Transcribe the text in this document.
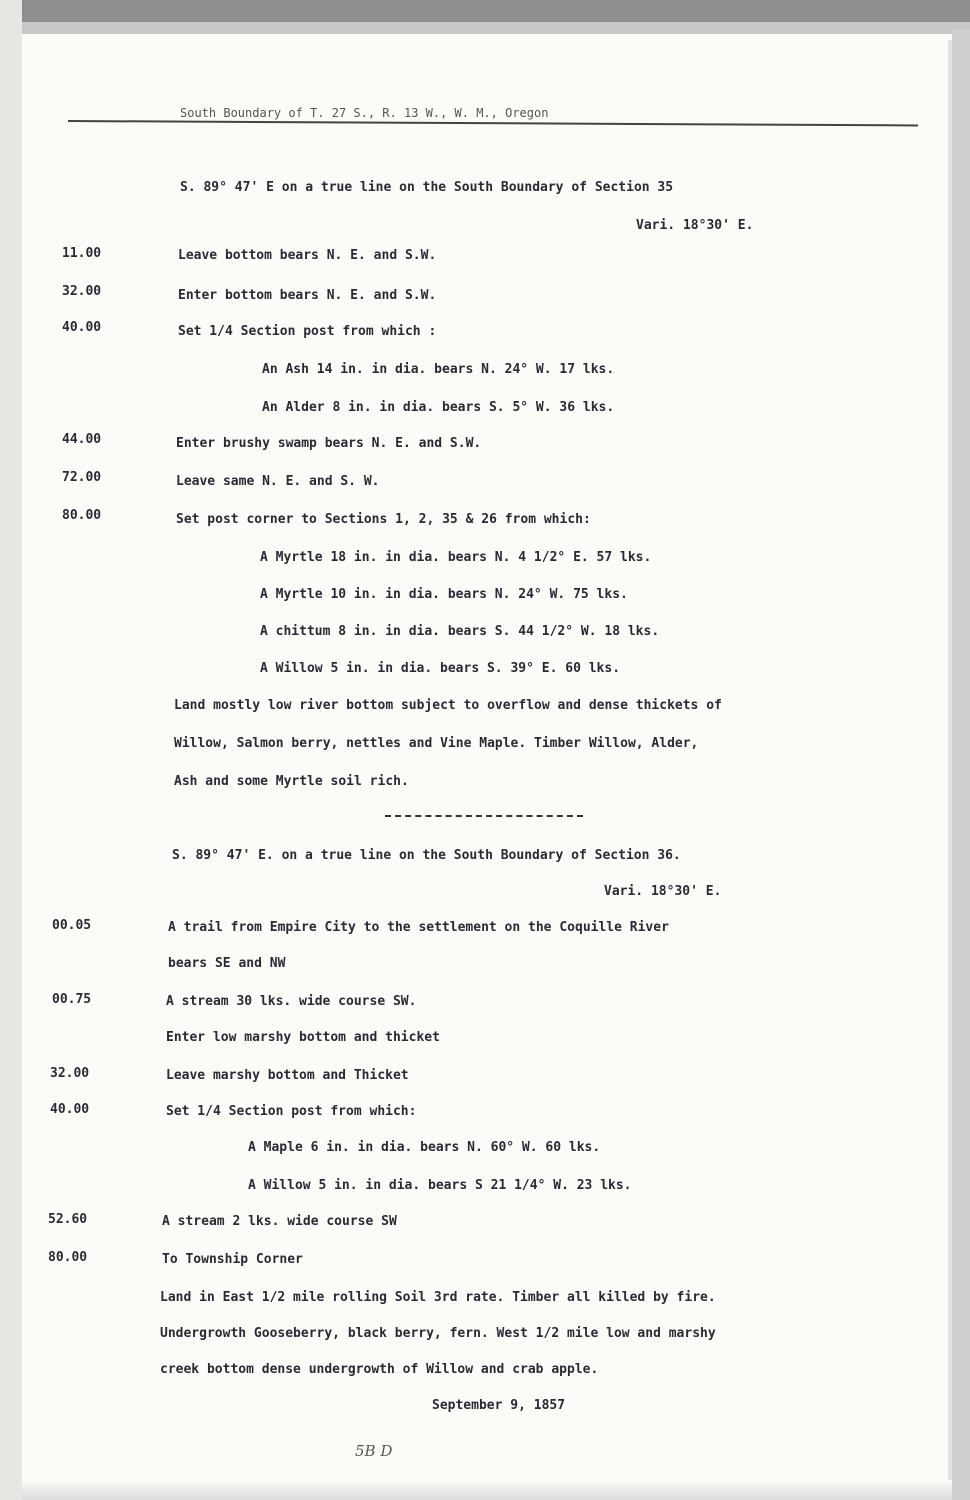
South Boundary of T. 27 S., R. 13 W., W. M., Oregon
S. 89° 47' E on a true line on the South Boundary of Section 35
Vari. 18°30' E.
11.00	Leave bottom bears N. E. and S.W.
32.00	Enter bottom bears N. E. and S.W.
40.00	Set 1/4 Section post from which :
An Ash 14 in. in dia. bears N. 24° W. 17 lks.
An Alder 8 in. in dia. bears S. 5° W. 36 lks.
44.00	Enter brushy swamp bears N. E. and S.W.
72.00	Leave same N. E. and S. W.
80.00	Set post corner to Sections 1, 2, 35 & 26 from which:
A Myrtle 18 in. in dia. bears N. 4 1/2° E. 57 lks.
A Myrtle 10 in. in dia. bears N. 24° W. 75 lks.
A chittum 8 in. in dia. bears S. 44 1/2° W. 18 lks.
A Willow 5 in. in dia. bears S. 39° E. 60 lks.
Land mostly low river bottom subject to overflow and dense thickets of
Willow, Salmon berry, nettles and Vine Maple. Timber Willow, Alder,
Ash and some Myrtle soil rich.
S. 89° 47' E. on a true line on the South Boundary of Section 36.
Vari. 18°30' E.
00.05	A trail from Empire City to the settlement on the Coquille River
bears SE and NW
00.75	A stream 30 lks. wide course SW.
Enter low marshy bottom and thicket
32.00	Leave marshy bottom and Thicket
40.00	Set 1/4 Section post from which:
A Maple 6 in. in dia. bears N. 60° W. 60 lks.
A Willow 5 in. in dia. bears S 21 1/4° W. 23 lks.
52.60	A stream 2 lks. wide course SW
80.00	To Township Corner
Land in East 1/2 mile rolling Soil 3rd rate. Timber all killed by fire.
Undergrowth Gooseberry, black berry, fern. West 1/2 mile low and marshy
creek bottom dense undergrowth of Willow and crab apple.
September 9, 1857
5B D
